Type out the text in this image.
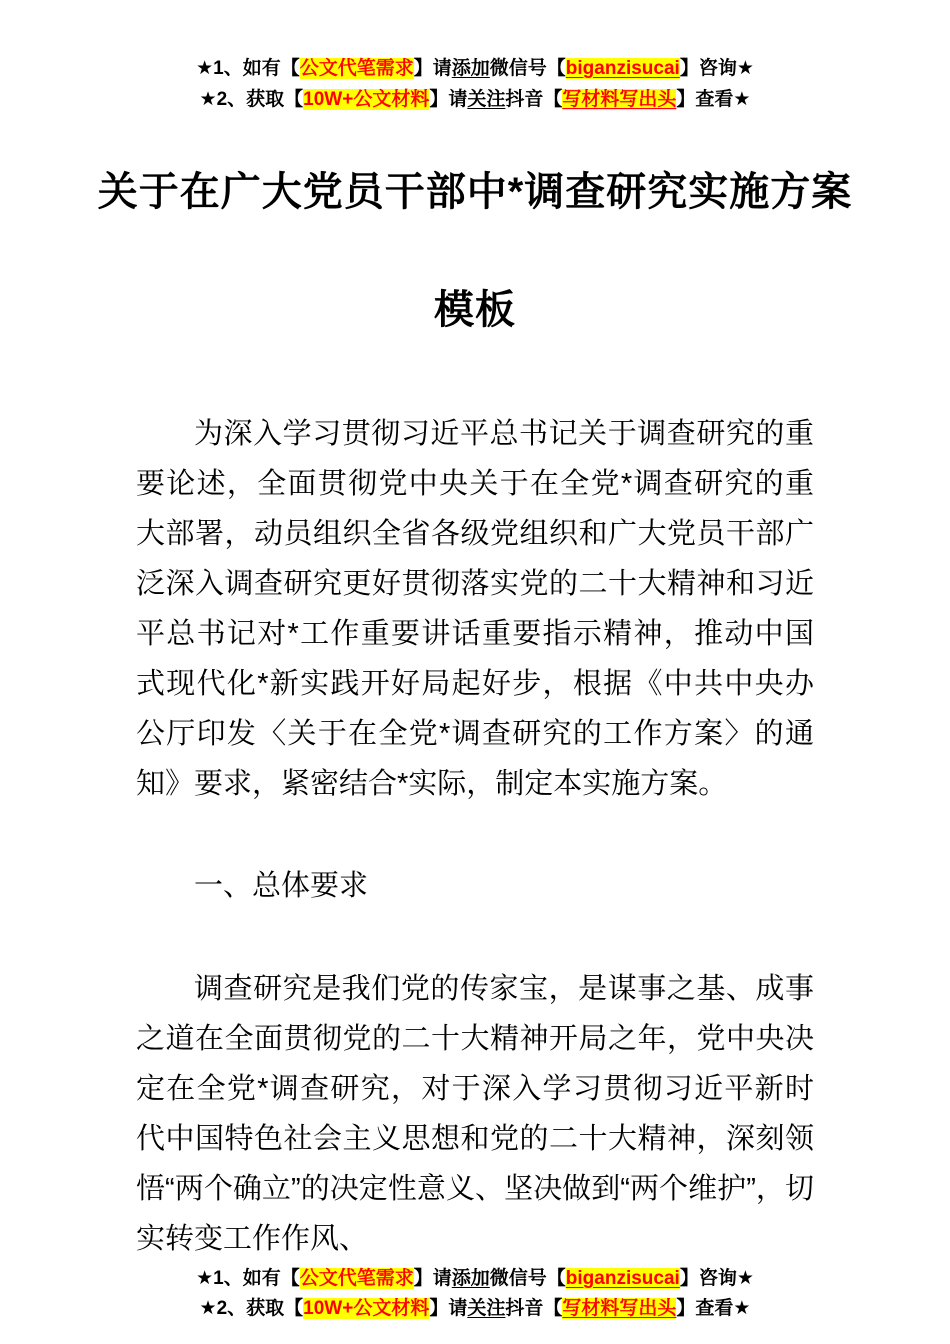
★1、如有【公文代笔需求】请添加微信号【biganzisucai】咨询★
★2、获取【10W+公文材料】请关注抖音【写材料写出头】查看★
关于在广大党员干部中*调查研究实施方案
模板

为深入学习贯彻习近平总书记关于调查研究的重要论述，全面贯彻党中央关于在全党*调查研究的重大部署，动员组织全省各级党组织和广大党员干部广泛深入调查研究更好贯彻落实党的二十大精神和习近平总书记对*工作重要讲话重要指示精神，推动中国式现代化*新实践开好局起好步，根据《中共中央办公厅印发〈关于在全党*调查研究的工作方案〉的通知》要求，紧密结合*实际，制定本实施方案。

一、总体要求

调查研究是我们党的传家宝，是谋事之基、成事之道在全面贯彻党的二十大精神开局之年，党中央决定在全党*调查研究，对于深入学习贯彻习近平新时代中国特色社会主义思想和党的二十大精神，深刻领悟“两个确立”的决定性意义、坚决做到“两个维护”，切实转变工作作风、

★1、如有【公文代笔需求】请添加微信号【biganzisucai】咨询★
★2、获取【10W+公文材料】请关注抖音【写材料写出头】查看★
